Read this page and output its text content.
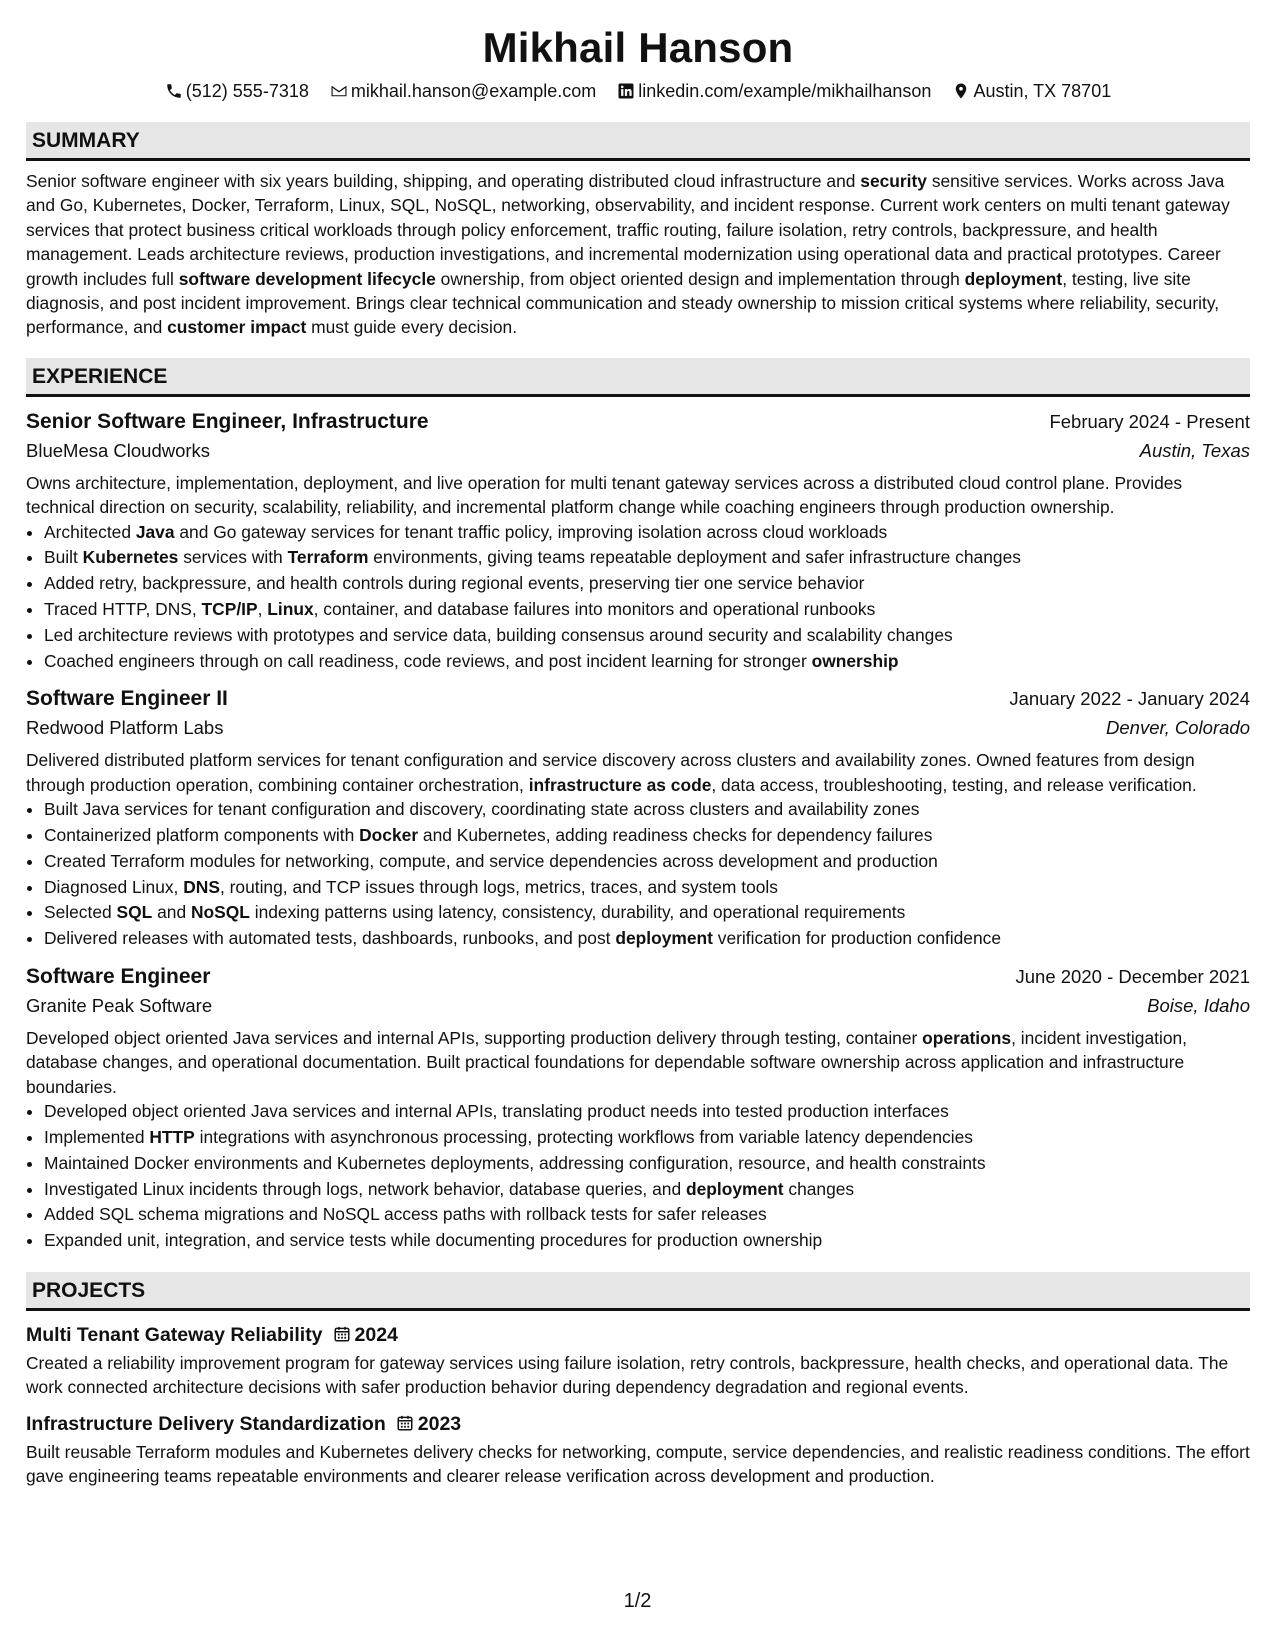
Mikhail Hanson
(512) 555-7318 mikhail.hanson@example.com linkedin.com/example/mikhailhanson Austin, TX 78701
SUMMARY

Senior software engineer with six years building, shipping, and operating distributed cloud infrastructure and security sensitive services. Works across Java and Go, Kubernetes, Docker, Terraform, Linux, SQL, NoSQL, networking, observability, and incident response. Current work centers on multi tenant gateway services that protect business critical workloads through policy enforcement, traffic routing, failure isolation, retry controls, backpressure, and health management. Leads architecture reviews, production investigations, and incremental modernization using operational data and practical prototypes. Career growth includes full software development lifecycle ownership, from object oriented design and implementation through deployment, testing, live site diagnosis, and post incident improvement. Brings clear technical communication and steady ownership to mission critical systems where reliability, security, performance, and customer impact must guide every decision.

EXPERIENCE
Senior Software Engineer, Infrastructure	February 2024 - Present
BlueMesa Cloudworks	Austin, Texas

Owns architecture, implementation, deployment, and live operation for multi tenant gateway services across a distributed cloud control plane. Provides technical direction on security, scalability, reliability, and incremental platform change while coaching engineers through production ownership.

• Architected Java and Go gateway services for tenant traffic policy, improving isolation across cloud workloads
• Built Kubernetes services with Terraform environments, giving teams repeatable deployment and safer infrastructure changes
• Added retry, backpressure, and health controls during regional events, preserving tier one service behavior
• Traced HTTP, DNS, TCP/IP, Linux, container, and database failures into monitors and operational runbooks
• Led architecture reviews with prototypes and service data, building consensus around security and scalability changes
• Coached engineers through on call readiness, code reviews, and post incident learning for stronger ownership
Software Engineer II	January 2022 - January 2024
Redwood Platform Labs	Denver, Colorado

Delivered distributed platform services for tenant configuration and service discovery across clusters and availability zones. Owned features from design through production operation, combining container orchestration, infrastructure as code, data access, troubleshooting, testing, and release verification.

• Built Java services for tenant configuration and discovery, coordinating state across clusters and availability zones
• Containerized platform components with Docker and Kubernetes, adding readiness checks for dependency failures
• Created Terraform modules for networking, compute, and service dependencies across development and production
• Diagnosed Linux, DNS, routing, and TCP issues through logs, metrics, traces, and system tools
• Selected SQL and NoSQL indexing patterns using latency, consistency, durability, and operational requirements
• Delivered releases with automated tests, dashboards, runbooks, and post deployment verification for production confidence
Software Engineer	June 2020 - December 2021
Granite Peak Software	Boise, Idaho

Developed object oriented Java services and internal APIs, supporting production delivery through testing, container operations, incident investigation, database changes, and operational documentation. Built practical foundations for dependable software ownership across application and infrastructure boundaries.

• Developed object oriented Java services and internal APIs, translating product needs into tested production interfaces
• Implemented HTTP integrations with asynchronous processing, protecting workflows from variable latency dependencies
• Maintained Docker environments and Kubernetes deployments, addressing configuration, resource, and health constraints
• Investigated Linux incidents through logs, network behavior, database queries, and deployment changes
• Added SQL schema migrations and NoSQL access paths with rollback tests for safer releases
• Expanded unit, integration, and service tests while documenting procedures for production ownership
PROJECTS
Multi Tenant Gateway Reliability 2024

Created a reliability improvement program for gateway services using failure isolation, retry controls, backpressure, health checks, and operational data. The work connected architecture decisions with safer production behavior during dependency degradation and regional events.

Infrastructure Delivery Standardization 2023

Built reusable Terraform modules and Kubernetes delivery checks for networking, compute, service dependencies, and realistic readiness conditions. The effort gave engineering teams repeatable environments and clearer release verification across development and production.

1/2
